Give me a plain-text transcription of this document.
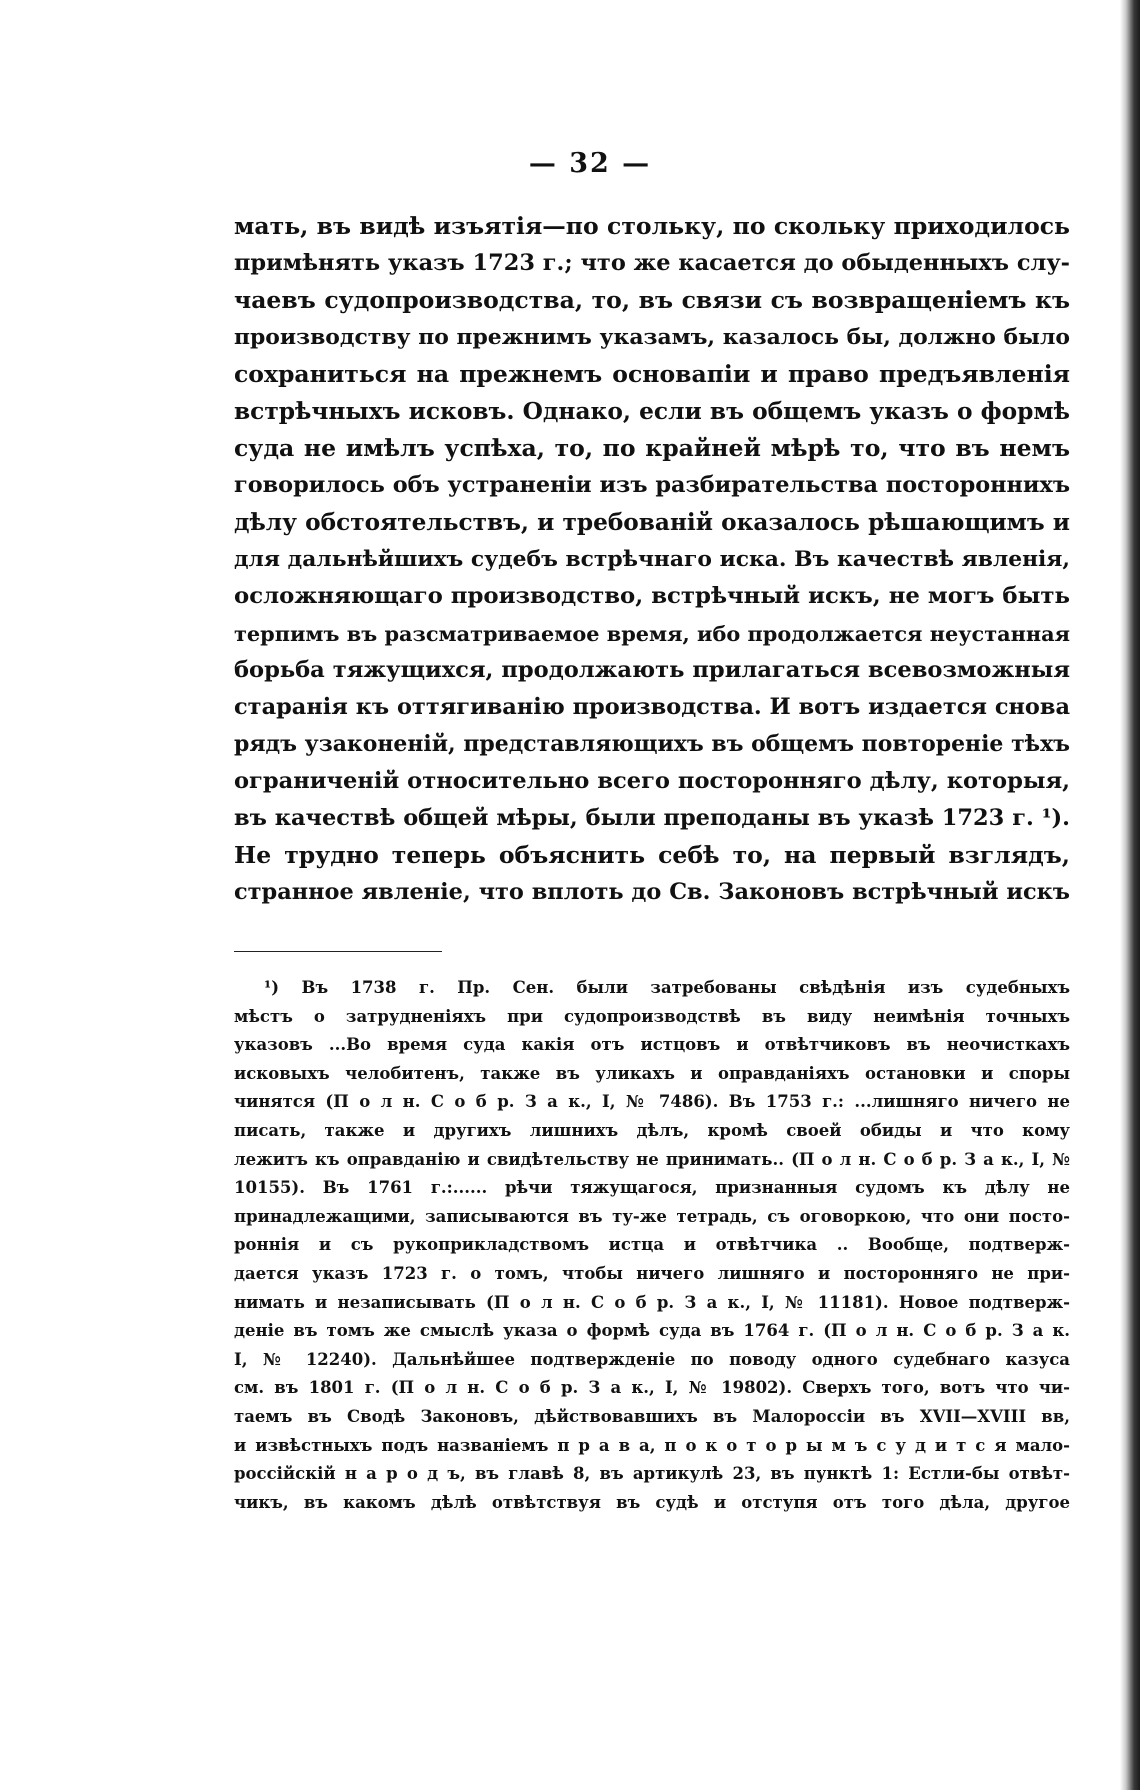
— 32 —
мать, въ видѣ изъятія—по стольку, по скольку приходилось
примѣнять указъ 1723 г.; что же касается до обыденныхъ слу-
чаевъ судопроизводства, то, въ связи съ возвращеніемъ къ
производству по прежнимъ указамъ, казалось бы, должно было
сохраниться на прежнемъ основапіи и право предъявленія
встрѣчныхъ исковъ. Однако, если въ общемъ указъ о формѣ
суда не имѣлъ успѣха, то, по крайней мѣрѣ то, что въ немъ
говорилось объ устраненіи изъ разбирательства постороннихъ
дѣлу обстоятельствъ, и требованій оказалось рѣшающимъ и
для дальнѣйшихъ судебъ встрѣчнаго иска. Въ качествѣ явленія,
осложняющаго производство, встрѣчный искъ, не могъ быть
терпимъ въ разсматриваемое время, ибо продолжается неустанная
борьба тяжущихся, продолжають прилагаться всевозможныя
старанія къ оттягиванію производства. И вотъ издается снова
рядъ узаконеній, представляющихъ въ общемъ повтореніе тѣхъ
ограниченій относительно всего посторонняго дѣлу, которыя,
въ качествѣ общей мѣры, были преподаны въ указѣ 1723 г. ¹).
Не трудно теперь объяснить себѣ то, на первый взглядъ,
странное явленіе, что вплоть до Св. Законовъ встрѣчный искъ
¹) Въ 1738 г. Пр. Сен. были затребованы свѣдѣнія изъ судебныхъ
мѣстъ о затрудненіяхъ при судопроизводствѣ въ виду неимѣнія точныхъ
указовъ ...Во время суда какія отъ истцовъ и отвѣтчиковъ въ неочисткахъ
исковыхъ челобитенъ, также въ уликахъ и оправданіяхъ остановки и споры
чинятся (П о л н. С о б р. З а к., I, № 7486). Въ 1753 г.: ...лишняго ничего не
писать, также и другихъ лишнихъ дѣлъ, кромѣ своей обиды и что кому
лежитъ къ оправданію и свидѣтельству не принимать.. (П о л н. С о б р. З а к., I, №
10155). Въ 1761 г.:...... рѣчи тяжущагося, признанныя судомъ къ дѣлу не
принадлежащими, записываются въ ту-же тетрадь, съ оговоркою, что они посто-
роннія и съ рукоприкладствомъ истца и отвѣтчика .. Вообще, подтверж-
дается указъ 1723 г. о томъ, чтобы ничего лишняго и посторонняго не при-
нимать и незаписывать (П о л н. С о б р. З а к., I, № 11181). Новое подтверж-
деніе въ томъ же смыслѣ указа о формѣ суда въ 1764 г. (П о л н. С о б р. З а к.
I, № 12240). Дальнѣйшее подтвержденіе по поводу одного судебнаго казуса
см. въ 1801 г. (П о л н. С о б р. З а к., I, № 19802). Сверхъ того, вотъ что чи-
таемъ въ Сводѣ Законовъ, дѣйствовавшихъ въ Малороссіи въ XVII—XVIII вв,
и извѣстныхъ подъ названіемъ п р а в а, п о к о т о р ы м ъ с у д и т с я мало-
россійскій н а р о д ъ, въ главѣ 8, въ артикулѣ 23, въ пунктѣ 1: Естли-бы отвѣт-
чикъ, въ какомъ дѣлѣ отвѣтствуя въ судѣ и отступя отъ того дѣла, другое
